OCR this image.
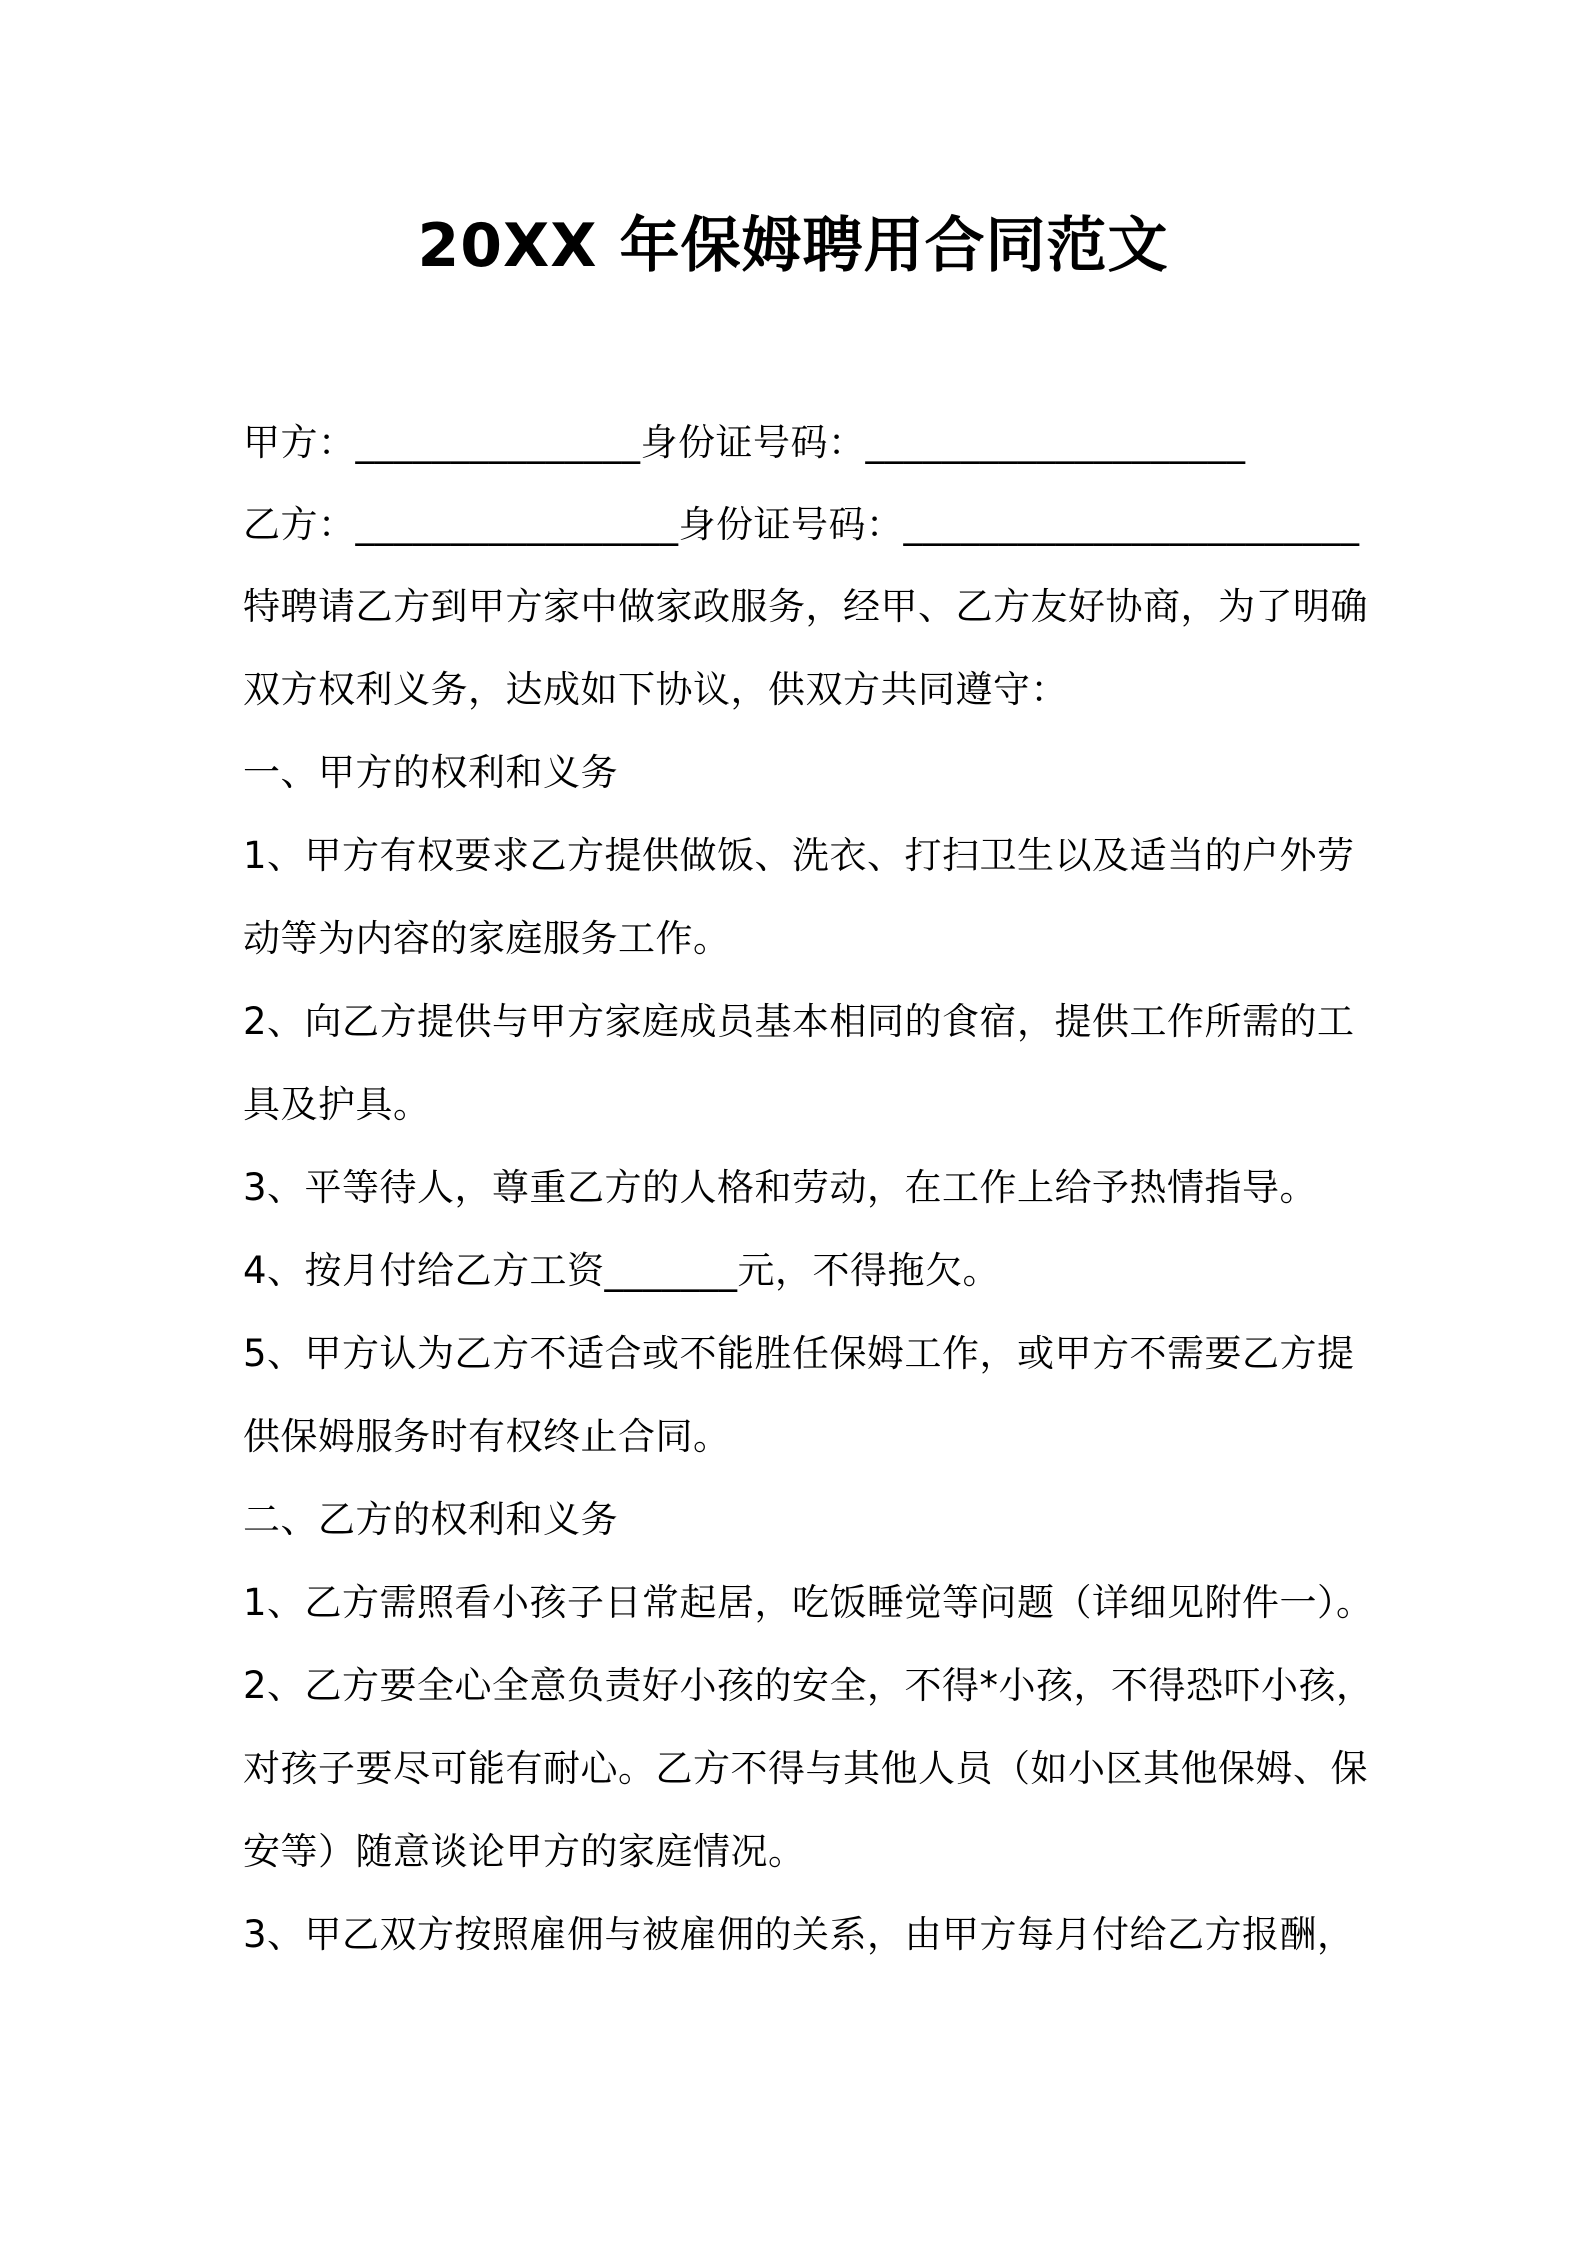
20XX 年保姆聘用合同范文
甲方：_______________身份证号码：____________________
乙方：_________________身份证号码：________________________
特聘请乙方到甲方家中做家政服务，经甲、乙方友好协商，为了明确
双方权利义务，达成如下协议，供双方共同遵守：
一、甲方的权利和义务
1、甲方有权要求乙方提供做饭、洗衣、打扫卫生以及适当的户外劳
动等为内容的家庭服务工作。
2、向乙方提供与甲方家庭成员基本相同的食宿，提供工作所需的工
具及护具。
3、平等待人，尊重乙方的人格和劳动，在工作上给予热情指导。
4、按月付给乙方工资_______元，不得拖欠。
5、甲方认为乙方不适合或不能胜任保姆工作，或甲方不需要乙方提
供保姆服务时有权终止合同。
二、乙方的权利和义务
1、乙方需照看小孩子日常起居，吃饭睡觉等问题（详细见附件一）。
2、乙方要全心全意负责好小孩的安全，不得*小孩，不得恐吓小孩，
对孩子要尽可能有耐心。乙方不得与其他人员（如小区其他保姆、保
安等）随意谈论甲方的家庭情况。
3、甲乙双方按照雇佣与被雇佣的关系，由甲方每月付给乙方报酬，
